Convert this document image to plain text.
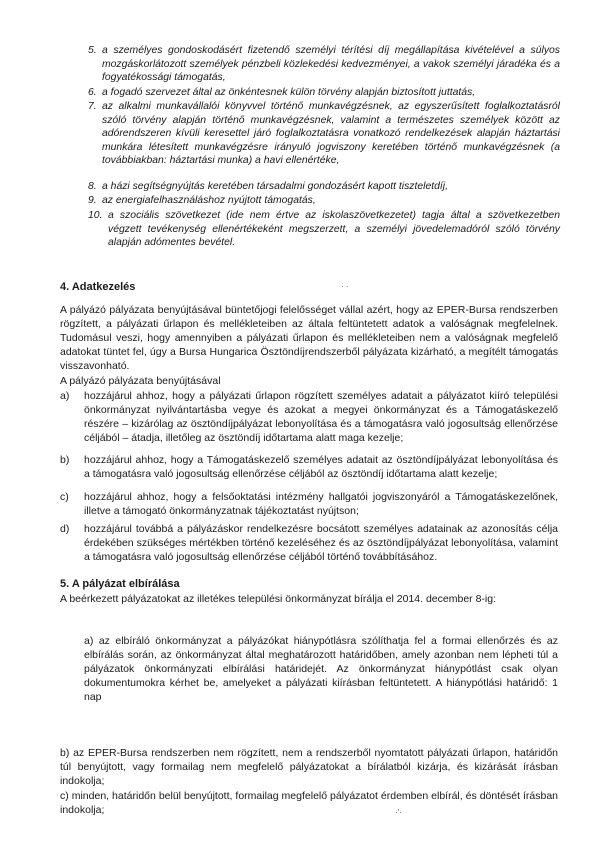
5. a személyes gondoskodásért fizetendő személyi térítési díj megállapítása kivételével a súlyos mozgáskorlátozott személyek pénzbeli közlekedési kedvezményei, a vakok személyi járadéka és a fogyatékossági támogatás,

6. a fogadó szervezet által az önkéntesnek külön törvény alapján biztosított juttatás,

7. az alkalmi munkavállalói könyvvel történő munkavégzésnek, az egyszerűsített foglalkoztatásról szóló törvény alapján történő munkavégzésnek, valamint a természetes személyek között az adórendszeren kívüli keresettel járó foglalkoztatásra vonatkozó rendelkezések alapján háztartási munkára létesített munkavégzésre irányuló jogviszony keretében történő munkavégzésnek (a továbbiakban: háztartási munka) a havi ellenértéke,

8. a házi segítségnyújtás keretében társadalmi gondozásért kapott tiszteletdíj,

9. az energiafelhasználáshoz nyújtott támogatás,

10. a szociális szövetkezet (ide nem értve az iskolaszövetkezetet) tagja által a szövetkezetben végzett tevékenység ellenértékeként megszerzett, a személyi jövedelemadóról szóló törvény alapján adómentes bevétel.

4. Adatkezelés	· ·

A pályázó pályázata benyújtásával büntetőjogi felelősséget vállal azért, hogy az EPER-Bursa rendszerben rögzített, a pályázati űrlapon és mellékleteiben az általa feltüntetett adatok a valóságnak megfelelnek. Tudomásul veszi, hogy amennyiben a pályázati űrlapon és mellékleteiben nem a valóságnak megfelelő adatokat tüntet fel, úgy a Bursa Hungarica Ösztöndíjrendszerből pályázata kizárható, a megítélt támogatás visszavonható.

A pályázó pályázata benyújtásával

a)	hozzájárul ahhoz, hogy a pályázati űrlapon rögzített személyes adatait a pályázatot kiíró települési önkormányzat nyilvántartásba vegye és azokat a megyei önkormányzat és a Támogatáskezelő részére – kizárólag az ösztöndíjpályázat lebonyolítása és a támogatásra való jogosultság ellenőrzése céljából – átadja, illetőleg az ösztöndíj időtartama alatt maga kezelje;

b)	hozzájárul ahhoz, hogy a Támogatáskezelő személyes adatait az ösztöndíjpályázat lebonyolítása és a támogatásra való jogosultság ellenőrzése céljából az ösztöndíj időtartama alatt kezelje;

c)	hozzájárul ahhoz, hogy a felsőoktatási intézmény hallgatói jogviszonyáról a Támogatáskezelőnek, illetve a támogató önkormányzatnak tájékoztatást nyújtson;

d)	hozzájárul továbbá a pályázáskor rendelkezésre bocsátott személyes adatainak az azonosítás célja érdekében szükséges mértékben történő kezeléséhez és az ösztöndíjpályázat lebonyolítása, valamint a támogatásra való jogosultság ellenőrzése céljából történő továbbításához.

5. A pályázat elbírálása

A beérkezett pályázatokat az illetékes települési önkormányzat bírálja el 2014. december 8-ig:

a) az elbíráló önkormányzat a pályázókat hiánypótlásra szólíthatja fel a formai ellenőrzés és az elbírálás során, az önkormányzat által meghatározott határidőben, amely azonban nem lépheti túl a pályázatok önkormányzati elbírálási határidejét. Az önkormányzat hiánypótlást csak olyan dokumentumokra kérhet be, amelyeket a pályázati kiírásban feltüntetett. A hiánypótlási határidő: 1 nap

b) az EPER-Bursa rendszerben nem rögzített, nem a rendszerből nyomtatott pályázati űrlapon, határidőn túl benyújtott, vagy formailag nem megfelelő pályázatokat a bírálatból kizárja, és kizárását írásban indokolja;

c) minden, határidőn belül benyújtott, formailag megfelelő pályázatot érdemben elbírál, és döntését írásban indokolja;	·'·
